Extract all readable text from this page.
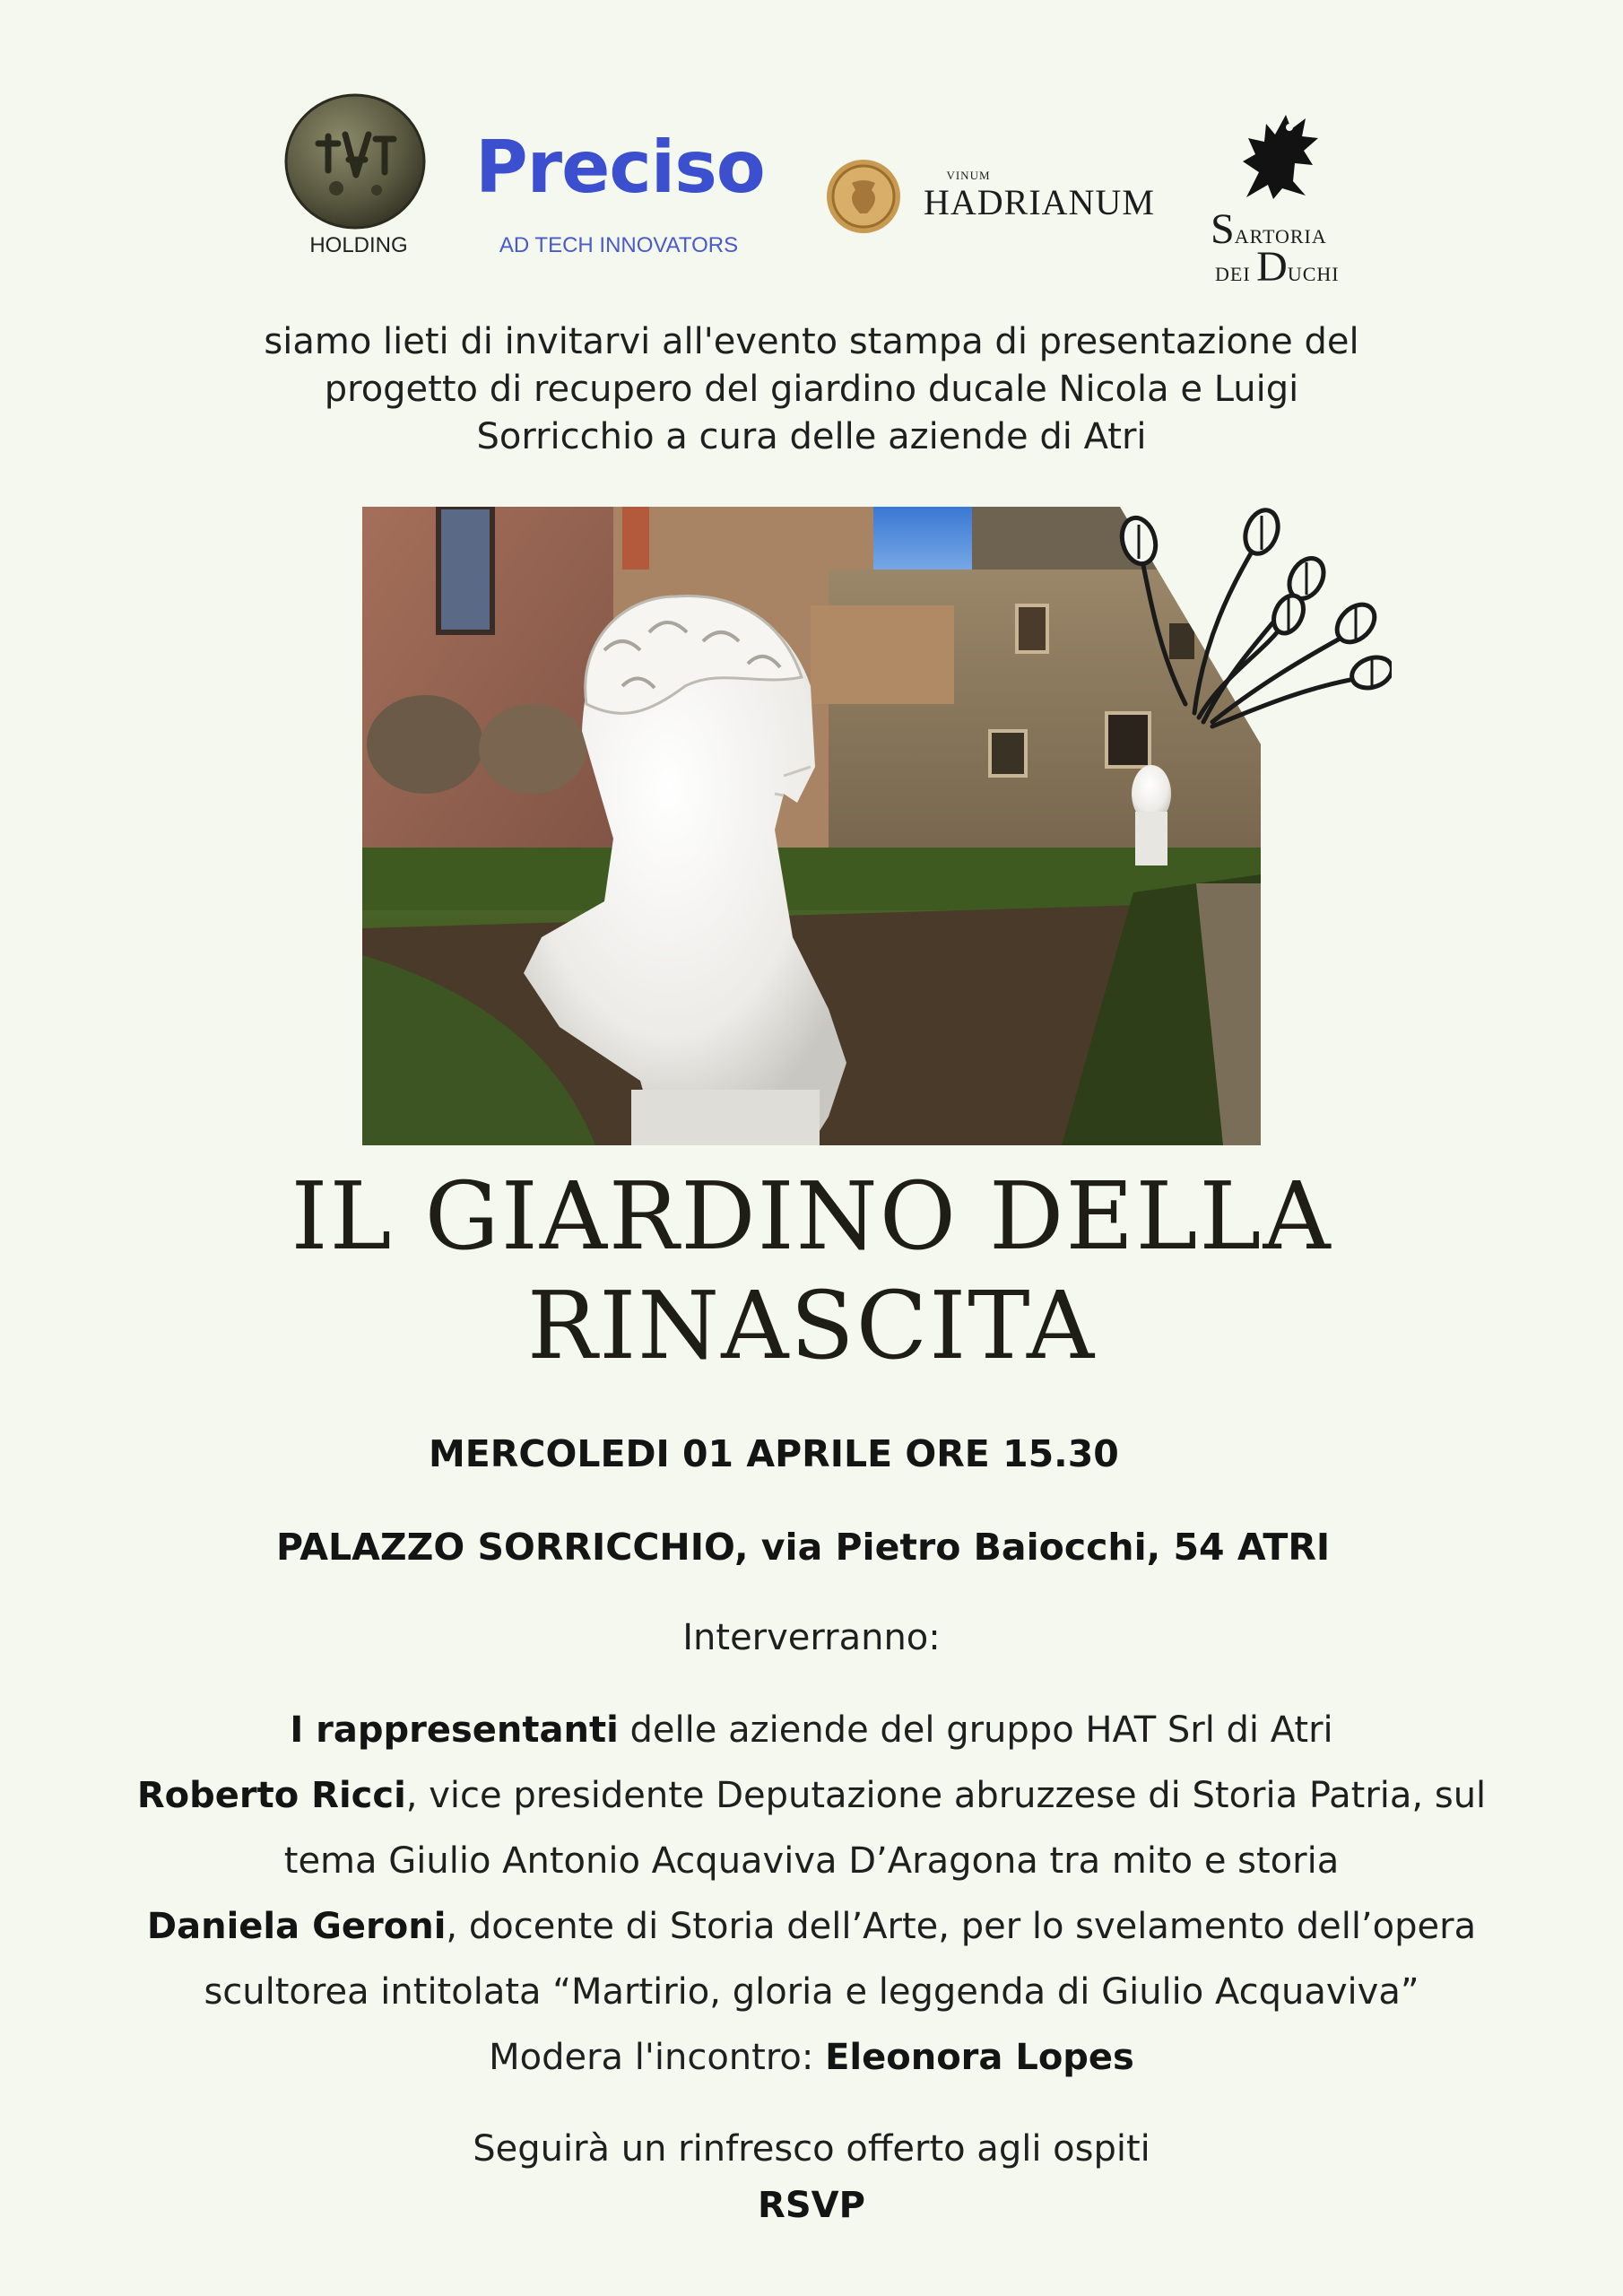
HOLDING
Preciso
AD TECH INNOVATORS
VINUM
HADRIANUM
SARTORIA
DEI DUCHI
siamo lieti di invitarvi all'evento stampa di presentazione del
progetto di recupero del giardino ducale Nicola e Luigi
Sorricchio a cura delle aziende di Atri
IL GIARDINO DELLA
RINASCITA
MERCOLEDI 01 APRILE ORE 15.30
PALAZZO SORRICCHIO, via Pietro Baiocchi, 54 ATRI
Interverranno:
I rappresentanti delle aziende del gruppo HAT Srl di Atri
Roberto Ricci, vice presidente Deputazione abruzzese di Storia Patria, sul
tema Giulio Antonio Acquaviva D’Aragona tra mito e storia
Daniela Geroni, docente di Storia dell’Arte, per lo svelamento dell’opera
scultorea intitolata “Martirio, gloria e leggenda di Giulio Acquaviva”
Modera l'incontro: Eleonora Lopes
Seguirà un rinfresco offerto agli ospiti
RSVP
